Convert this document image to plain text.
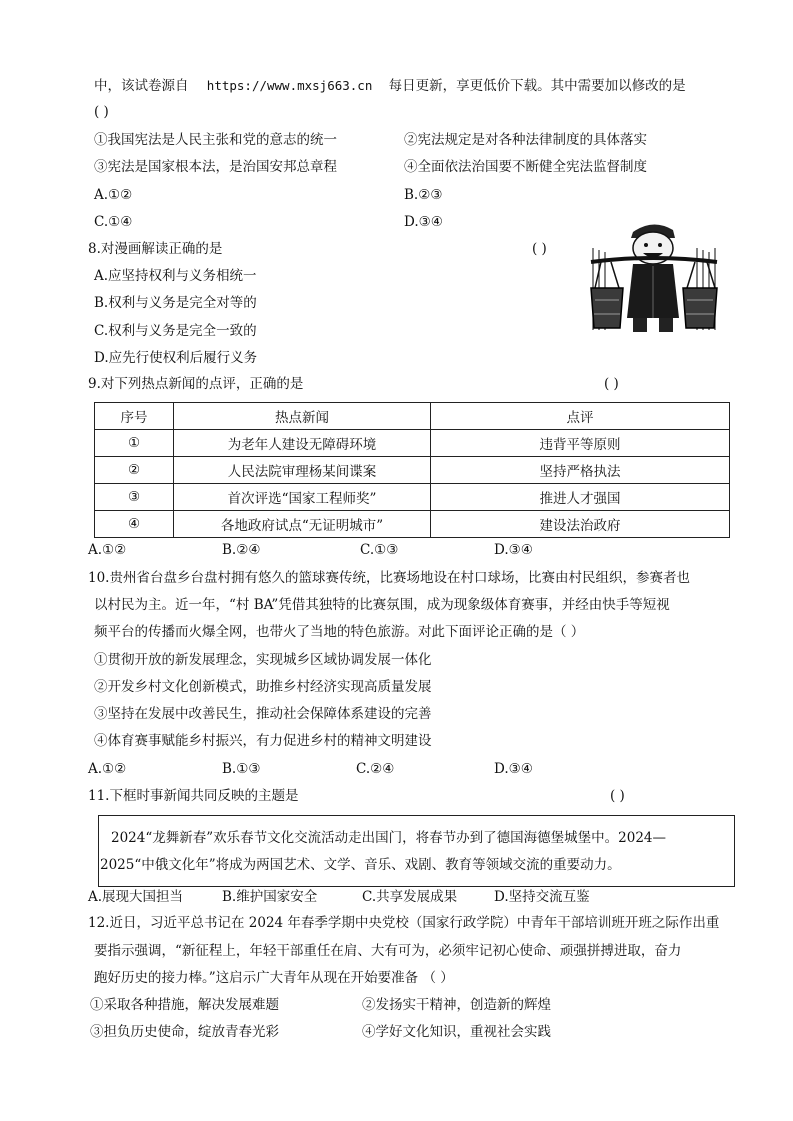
中，该试卷源自 https://www.mxsj663.cn 每日更新，享更低价下载。其中需要加以修改的是
( )
①我国宪法是人民主张和党的意志的统一	②宪法规定是对各种法律制度的具体落实
③宪法是国家根本法，是治国安邦总章程	④全面依法治国要不断健全宪法监督制度
A.①②	B.②③
C.①④	D.③④
8.对漫画解读正确的是	( )
A.应坚持权利与义务相统一
B.权利与义务是完全对等的
C.权利与义务是完全一致的
D.应先行使权利后履行义务
9.对下列热点新闻的点评，正确的是	( )
序号	热点新闻	点评
①	为老年人建设无障碍环境	违背平等原则
②	人民法院审理杨某间谍案	坚持严格执法
③	首次评选“国家工程师奖”	推进人才强国
④	各地政府试点“无证明城市”	建设法治政府
A.①②	B.②④	C.①③	D.③④
10.贵州省台盘乡台盘村拥有悠久的篮球赛传统，比赛场地设在村口球场，比赛由村民组织，参赛者也
以村民为主。近一年，“村 BA”凭借其独特的比赛氛围，成为现象级体育赛事，并经由快手等短视
频平台的传播而火爆全网，也带火了当地的特色旅游。对此下面评论正确的是（ ）
①贯彻开放的新发展理念，实现城乡区域协调发展一体化
②开发乡村文化创新模式，助推乡村经济实现高质量发展
③坚持在发展中改善民生，推动社会保障体系建设的完善
④体育赛事赋能乡村振兴，有力促进乡村的精神文明建设
A.①②	B.①③	C.②④	D.③④
11.下框时事新闻共同反映的主题是	( )
2024“龙舞新春”欢乐春节文化交流活动走出国门，将春节办到了德国海德堡城堡中。2024—
2025“中俄文化年”将成为两国艺术、文学、音乐、戏剧、教育等领域交流的重要动力。
A.展现大国担当	B.维护国家安全	C.共享发展成果	D.坚持交流互鉴
12.近日，习近平总书记在 2024 年春季学期中央党校（国家行政学院）中青年干部培训班开班之际作出重
要指示强调，“新征程上，年轻干部重任在肩、大有可为，必须牢记初心使命、顽强拼搏进取，奋力
跑好历史的接力棒。”这启示广大青年从现在开始要准备 （ ）
①采取各种措施，解决发展难题	②发扬实干精神，创造新的辉煌
③担负历史使命，绽放青春光彩	④学好文化知识，重视社会实践
